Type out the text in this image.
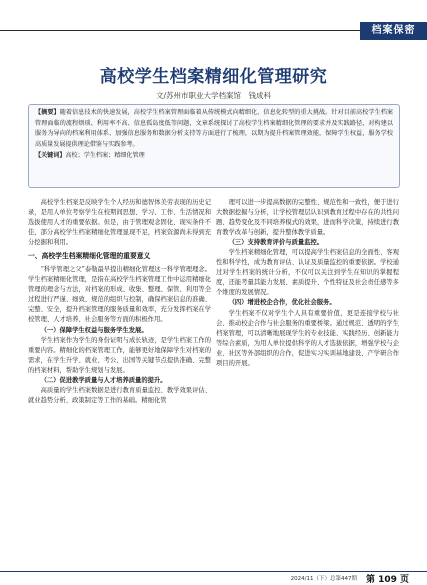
档案保密
高校学生档案精细化管理研究
文/苏州市职业大学档案馆　钱成科
【摘要】随着信息技术的快速发展，高校学生档案管理面临着从传统模式向精细化、信息化转型的重大挑战。针对目前高校学生档案管理面临的流程烦琐、利用率不高、信息孤岛度低等问题，文章系统探讨了高校学生档案精细化管理的要求并及实践路径，对构建以服务为导向的档案利用体系、加强信息服务和数据分析支持等方面进行了梳理，以期为提升档案管理效能，保障学生权益，服务学校高质量发展提供理论借鉴与实践参考。
【关键词】高校；学生档案；精细化管理

高校学生档案是反映学生个人经历和德智体美劳表现的历史记录，是用人单位考察学生在校期间思想、学习、工作、生活情况和选拔使用人才的重要依据。但是，由于管理观念固化、现实条件不佳，部分高校学生档案精细化管理显现不足，档案资源尚未得到充分挖掘和利用。

一、高校学生档案精细化管理的重要意义

“科学管理之父”泰勒最早提出精细化管理这一科学管理理念。学生档案精细化管理，是指在高校学生档案管理工作中运用精细化管理的理念与方法，对档案的形成、收集、整理、保管、利用等全过程进行严谨、细致、规范的组织与控制，确保档案信息的准确、完整、安全，提升档案管理的服务质量和效率，充分发挥档案在学校管理、人才培养、社会服务等方面的积极作用。

（一）保障学生权益与服务学生发展。

学生档案作为学生的身份证明与成长轨迹，是学生档案工作的重要内容。精细化的档案管理工作，能够更好地保障学生对档案的需求，在学生升学、就业、考公、出国等关键节点提供准确、完整的档案材料，帮助学生规划与发展。

（二）促进教学质量与人才培养质量的提升。

高质量的学生档案数据是进行教育质量监控、教学效果评估、就业趋势分析、政策制定等工作的基础。精细化管

理可以进一步提高数据的完整性、规范性和一致性，便于进行大数据挖掘与分析，让学校管理层认识到教育过程中存在的共性问题、趋势变化及不同培养模式的效果，进而科学决策，持续进行教育教学改革与创新，提升整体教学质量。

（三）支持教育评价与质量监控。

学生档案精细化管理，可以提高学生档案信息的全面性、客观性和科学性，成为教育评估、认证及质量监控的重要依据。学校通过对学生档案的统计分析，不仅可以关注到学生在知识的掌握程度，还能考量其能力发展、素质提升、个性特征及社会责任感等多个维度的发展情况。

（四）增进校企合作，优化社会服务。

学生档案不仅对学生个人具有重要价值，更是连接学校与社会、推动校企合作与社会服务的重要桥梁。通过规范、透明的学生档案管理，可以清晰地展现学生的专业技能、实践经历、创新能力等综合素质，为用人单位提供科学的人才选拔依据，增强学校与企业、社区等外部组织的合作，促进实习实训基地建设、产学研合作项目的开展。

2024/11（下）总第447期 第 109 页
